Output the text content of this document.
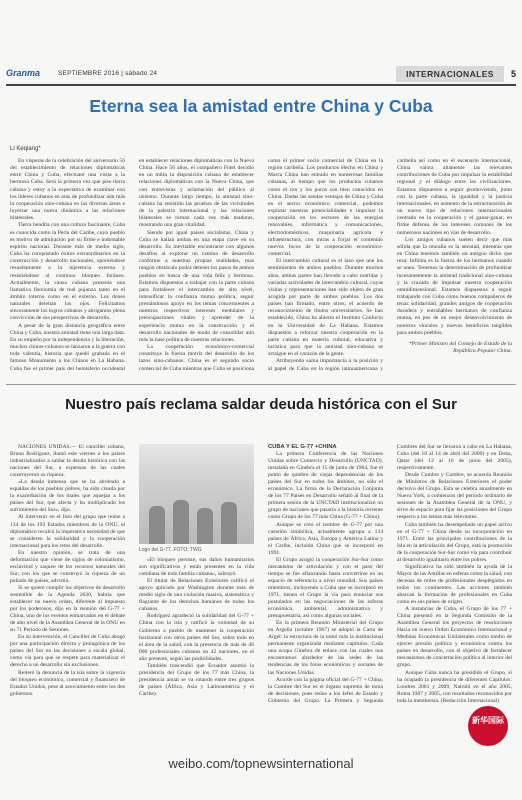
Granma	SEPTIEMBRE 2016 | sábado 24	INTERNACIONALES	5
Eterna sea la amistad entre China y Cuba
Li Keqiang*

En vísperas de la celebración del aniversario 56 del establecimiento de relaciones diplomáticas entre China y Cuba, efectuaré una visita a la hermosa Cuba. Será la primera vez que pise tierra cubana y estoy a la expectativa de examinar con los líderes cubanos en aras de profundizar aún más la cooperación sino-cubana en las diversas áreas e inyectar una nueva dinámica a las relaciones bilaterales.

Tierra bendita con una cultura fascinante, Cuba es conocida como la Perla del Caribe, cuyo pueblo es motivo de admiración por su firme e indomable espíritu nacional. Durante más de medio siglo, Cuba ha conquistado éxitos extraordinarios en la construcción y desarrollo nacionales, oponiéndose resueltamente a la injerencia externa y resistiéndose al continuo bloqueo foráneo. Actualmente, la causa cubana presenta una llamativa fisonomía de real pujanza tanto en el ámbito interno como en el externo. Los dones naturales deleitan los ojos. Felicitamos sinceramente los logros cubanos y abrigamos plena convicción de sus perspectivas de desarrollo.

A pesar de la gran distancia geográfica entre China y Cuba, nuestra amistad tiene una larga data. En su empeño por la independencia y la liberación, muchos chinos-cubanos se lanzaron a la guerra con toda valentía, historia que quedó grabada en el famoso Monumento a los Chinos en La Habana. Cuba fue el primer país del hemisferio occidental en establecer relaciones diplomáticas con la Nueva China. Hace 56 años, el compañero Fidel decidió en un mitin la disposición cubana de establecer relaciones diplomáticas con la Nueva China, que con entrevistas y aclamación del público al unísono. Durante largo tiempo, la amistad sino-cubana ha resistido las pruebas de las vicisitudes de la palestra internacional y las relaciones bilaterales se tornan cada vez más maduras, mostrando una gran vitalidad.

Siendo por igual países socialistas, China y Cuba se hallan ambas en una etapa clave en su desarrollo. Es inevitable encontrarse con algunos desafíos al explorar un camino de desarrollo conforme a nuestras propias realidades, mas ningún obstáculo podrá detener los pasos de ambos pueblos en busca de una vida feliz y hermosa. Estamos dispuestos a trabajar con la parte cubana para fortalecer el intercambio de alto nivel, intensificar la confianza mutua política, seguir prestándonos apoyo en los temas concernientes a nuestros respectivos intereses medulares y preocupaciones vitales y aprender de la experiencia mutua en la construcción y el desarrollo nacionales de modo de consolidar aún más la base política de nuestras relaciones.

La cooperación económico-comercial constituye la fuerza motriz del desarrollo de los lazos sino-cubanos. China es el segundo socio comercial de Cuba mientras que Cuba se posiciona como el primer socio comercial de China en la región caribeña. Los productos Hecho en China y Marca China han entrado en numerosas familias cubanas, al tiempo que los productos cubanos como el ron y los puros son bien conocidos en China. Dadas las sendas ventajas de China y Cuba en el sector económico comercial, podemos explotar nuestras potencialidades e impulsar la cooperación en los sectores de las energías renovables, informática y comunicaciones, electrodomésticos, maquinaria agrícola e infraestructura, con miras a forjar el contenido nuevos focos de la cooperación económico-comercial.

El intercambio cultural es el lazo que une los sentimientos de ambos pueblos. Durante muchos años, ambas partes han llevado a cabo nutridas y variadas actividades de intercambio cultural, cuyas visitas y representaciones han sido objeto de gran acogida por parte de ambos pueblos. Los dos países han firmado, entre otros, el acuerdo de reconocimiento de títulos universitarios. Se han establecido, China ha abierto el Instituto Confucio en la Universidad de La Habana. Estamos dispuestos a reforzar nuestra cooperación en la parte cubana en materia cultural, educativa y turística para que la amistad sino-cubana se arraigue en el corazón de la gente.

Atribuyendo suma importancia a la posición y al papel de Cuba en la región latinoamericana y caribeña así como en el escenario internacional, China valora altamente las relevantes contribuciones de Cuba por impulsar la estabilidad regional y el diálogo entre las civilizaciones. Estamos dispuestos a seguir promoviendo, junto con la parte cubana, la igualdad y la justicia internacionales, en aumento de la estructuración de un nuevo tipo de relaciones internacionales centrado en la cooperación y el ganar-ganar, en firme defensa de los intereses comunes de los numerosos naciones en vías de desarrollo.

Los amigos cubanos suelen decir que más sólida que la muralla es la amistad, mientras que en China tenemos también un antiguo dicho que reza: Infinita es la fuerza de los hermanos cuando se unen. Tenemos la determinación de profundizar incesantemente la amistad tradicional sino-cubana y la cruzada de impulsar nuestra cooperación omnidimensional. Estamos dispuestos a seguir trabajando con Cuba como buenos compañeros de tenaz solidaridad, grandes amigos de cooperación duradera y entrañables hermanos de confianza mutua, en pos de un mejor desenvolvimiento de nuestros vínculos y nuevos beneficios tangibles para ambos pueblos.

*Primer Ministro del Consejo de Estado de la República Popular China.

Nuestro país reclama saldar deuda histórica con el Sur

NACIONES UNIDAS.— El canciller cubano, Bruno Rodríguez, llamó este viernes a los países industrializados a saldar la deuda histórica con las naciones del Sur, a expensas de las cuales construyeron su riqueza.

«La deuda inmensa que se ha abriendo a espaldas de los pueblos pobres, ha sido creada por la exacerbación de los males que aquejan a los países del Sur, que afecta y ha multiplicado los sufrimientos del Sur», dijo.

Al intervenir en el foro del grupo que reúne a 134 de los 193 Estados miembros de la ONU, el diplomático recalcó la imperativa necesidad de que se consideren la solidaridad y la cooperación internacional para los retos del desarrollo.

En nuestro opinión, se trata de una deformación que viene de siglos de colonialismo, esclavitud y saqueo de los recursos naturales del Sur, con los que se construyó la riqueza de un puñado de países, advirtió.

Si se quiere cumplir los objetivos de desarrollo sostenible de la Agenda 2030, habría que establecer un nuevo orden, diferente al impuesto por los poderosos, dijo en la reunión del G-77 + China, uno de los eventos enmarcados en el debate de alto nivel de la Asamblea General de la ONU en su 71 Período de Sesiones.

En su intervención, el Canciller de Cuba abogó por una participación directa y protagónica de los países del Sur en las decisiones a escala global, como vía para que se respete para materializar el derecho a un desarrollo sin exclusiones.

Reiteró la denuncia de la isla sobre la vigencia del bloqueo económico, comercial y financiero de Estados Unidos, pese al acercamiento entre los dos gobiernos.

Logo del G-77. FOTO: TWG

«El bloqueo persiste, sus daños humanitarios son significativos y están presentes en la vida cotidiana de todo familia cubana», subrayó.

El titular de Relaciones Exteriores calificó el apoyo aplicado por Washington durante más de medio siglo de una violación masiva, sistemática y flagrante de los derechos humanos de todos los cubanos.

Rodríguez agradeció la solidaridad del G-77 + China con la isla y ratificó la voluntad de su Gobierno a pueblo de mantener la cooperación horizontal con otros países del Sur, sobre todo en el área de la salud, con la presencia de más de 46 000 profesionales cubanos en 42 naciones, en el año presente, según las posibilidades.

También trascendió que Ecuador asumió la presidencia del Grupo de los 77 más China, la presidencia anual se va rotando entre tres grupos de países (África, Asia y Latinoamérica y el Caribe).

CUBA Y EL G-77 +CHINA

La primera Conferencia de las Naciones Unidas sobre Comercio y Desarrollo (UNCTAD), instalada en Ginebra el 15 de junio de 1964, fue el punto de quiebre de viejas dependencias de los países del Sur en todos los ámbitos, no sólo el económico. La firma de la Declaración Conjunta de los 77 Países en Desarrollo señaló al final de la primera sesión de la UNCTAD institucionalizó un grupo de naciones que pasaría a la historia reciente como Grupo de los 77 más China (G-77 + China).

Aunque se creó el nombre de G-77 por una cuestión simbólica, actualmente agrupa a 134 países de África, Asia, Europa y América Latina y el Caribe, incluida China que se incorporó en 1991.

El Grupo acogió la cooperación Sur-Sur como mecanismo de articulación y con el paso del tiempo se fue afianzando hasta convertirse en un espacio de referencia a nivel mundial. Sus países miembros, incluyendo a Cuba que se incorporó en 1971, tienen el Grupo la vía para enunciar sus postulados en las negociaciones de las esferas económica, ambiental, administrativa y presupuestaria, así como algunas sociales.

En la primera Reunión Ministerial del Grupo en Argelia (octubre 1967) se adoptó la Carta de Argel: la estructura de la tomó más la institucional permanente organizada mediante capítulos. Cada una ocupa Ginebra de enlace con las cuales nos encontramos alrededor de las sedes de las tendencias de los foros económicos y sociales de las Naciones Unidas.

Acorde con la página oficial del G-77 + China, la Cumbre del Sur es el órgano supremo de toma de decisiones, pues reúne a los Jefes de Estado y Gobierno del Grupo. La Primera y Segunda Cumbres del Sur se llevaron a cabo en La Habana, Cuba (del 10 al 14 de abril del 2000) y en Doha, Qatar (del 12 al 16 de junio del 2005), respectivamente.

Desde Cumbre y Cumbre, se acuerda Reunión de Ministros de Relaciones Exteriores el poder decisivo del Grupo. Esta se celebra anualmente en Nueva York, a comienzos del período ordinario de sesiones de la Asamblea General de la ONU, y sirve de espacio para fijar las posiciones del Grupo respecto a los temas más relevantes.

Cuba también ha desempeñado un papel activo en el G-77 + China desde su incorporación en 1971. Entre las principales contribuciones de la Isla en la articulación del Grupo, está la promoción de la cooperación Sur-Sur como vía para contribuir al desarrollo igualitario entre los pobres.

Significativa ha sido también la ayuda de la Mayor de las Antillas en esferas como la salud, con decenas de miles de profesionales desplegados en todos los continentes. Las acciones también abarcan la formación de profesionales en Cuba como en sus países de origen.

A instancias de Cuba, el Grupo de los 77 + China presentó en la Segunda Comisión de la Asamblea General los proyectos de resoluciones Hacia un nuevo Orden Económico Internacional y Medidas Económicas Unilaterales como medio de ejercer presión política y económica contra los países en desarrollo, con el objetivo de fortalecer mecanismos de concertación política al interior del grupo.

Aunque Cuba nunca ha presidido el Grupo, sí ha ocupado la presidencia de diferentes Capítulos: Londres 2001 y 2009, Nairobi en el año 2005, Roma 1987 y 2005, con resultados reconocidos por toda la membresía. (Redacción Internacional)

新华国际
weibo.com/topnewsinternational
